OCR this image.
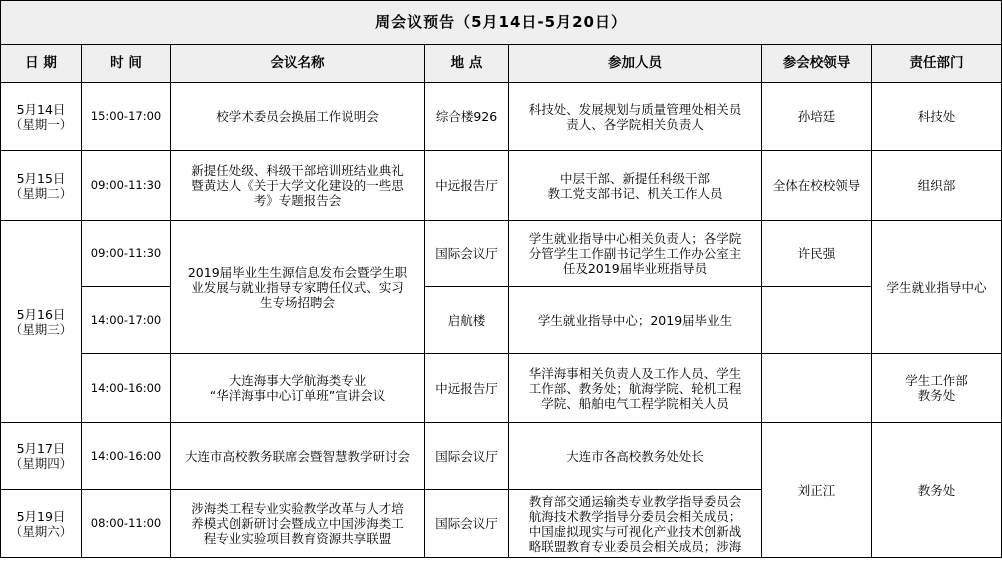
周会议预告（5月14日-5月20日）						
日 期	时 间	会议名称	地 点	参加人员	参会校领导	责任部门
5月14日
（星期一）	15:00-17:00	校学术委员会换届工作说明会	综合楼926	科技处、发展规划与质量管理处相关员
责人、各学院相关负责人	孙培廷	科技处
5月15日
（星期二）	09:00-11:30	新提任处级、科级干部培训班结业典礼
暨黄达人《关于大学文化建设的一些思
考》专题报告会	中远报告厅	中层干部、新提任科级干部
教工党支部书记、机关工作人员	全体在校校领导	组织部
5月16日
（星期三）	09:00-11:30	2019届毕业生生源信息发布会暨学生职
业发展与就业指导专家聘任仪式、实习
生专场招聘会	国际会议厅	学生就业指导中心相关负责人；各学院
分管学生工作副书记学生工作办公室主
任及2019届毕业班指导员	许民强	学生就业指导中心
	14:00-17:00		启航楼	学生就业指导中心；2019届毕业生		
	14:00-16:00	大连海事大学航海类专业
“华洋海事中心订单班”宣讲会议	中远报告厅	华洋海事相关负责人及工作人员、学生
工作部、教务处；航海学院、轮机工程
学院、船舶电气工程学院相关人员		学生工作部
教务处
5月17日
（星期四）	14:00-16:00	大连市高校教务联席会暨智慧教学研讨会	国际会议厅	大连市各高校教务处处长	刘正江	教务处
5月19日
（星期六）	08:00-11:00	涉海类工程专业实验教学改革与人才培
养模式创新研讨会暨成立中国涉海类工
程专业实验项目教育资源共享联盟	国际会议厅	教育部交通运输类专业教学指导委员会
航海技术教学指导分委员会相关成员；
中国虚拟现实与可视化产业技术创新战
略联盟教育专业委员会相关成员；涉海		
